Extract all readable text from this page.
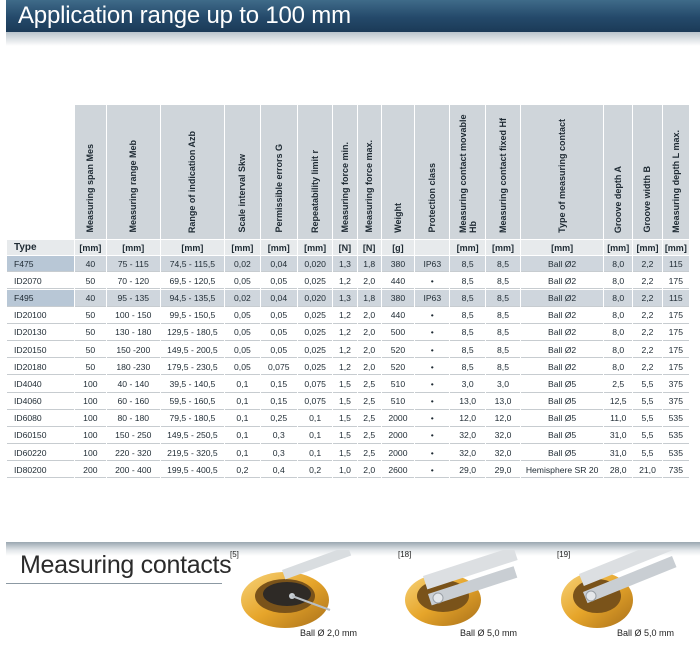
Application range up to 100 mm
	Measuring span Mes	Measuring range Meb	Range of indication Azb	Scale interval Skw	Permissible errors G	Repeatability limit r	Measuring force min.	Measuring force max.	Weight	Protection class	Measuring contact movable Hb	Measuring contact fixed Hf	Type of measuring contact	Groove depth A	Groove width B	Measuring depth L max.
Type	[mm]	[mm]	[mm]	[mm]	[mm]	[mm]	[N]	[N]	[g]		[mm]	[mm]	[mm]	[mm]	[mm]	[mm]
F475	40	75 - 115	74,5 - 115,5	0,02	0,04	0,020	1,3	1,8	380	IP63	8,5	8,5	Ball Ø2	8,0	2,2	115
ID2070	50	70 - 120	69,5 - 120,5	0,05	0,05	0,025	1,2	2,0	440	•	8,5	8,5	Ball Ø2	8,0	2,2	175
F495	40	95 - 135	94,5 - 135,5	0,02	0,04	0,020	1,3	1,8	380	IP63	8,5	8,5	Ball Ø2	8,0	2,2	115
ID20100	50	100 - 150	99,5 - 150,5	0,05	0,05	0,025	1,2	2,0	440	•	8,5	8,5	Ball Ø2	8,0	2,2	175
ID20130	50	130 - 180	129,5 - 180,5	0,05	0,05	0,025	1,2	2,0	500	•	8,5	8,5	Ball Ø2	8,0	2,2	175
ID20150	50	150 -200	149,5 - 200,5	0,05	0,05	0,025	1,2	2,0	520	•	8,5	8,5	Ball Ø2	8,0	2,2	175
ID20180	50	180 -230	179,5 - 230,5	0,05	0,075	0,025	1,2	2,0	520	•	8,5	8,5	Ball Ø2	8,0	2,2	175
ID4040	100	40 - 140	39,5 - 140,5	0,1	0,15	0,075	1,5	2,5	510	•	3,0	3,0	Ball Ø5	2,5	5,5	375
ID4060	100	60 - 160	59,5 - 160,5	0,1	0,15	0,075	1,5	2,5	510	•	13,0	13,0	Ball Ø5	12,5	5,5	375
ID6080	100	80 - 180	79,5 - 180,5	0,1	0,25	0,1	1,5	2,5	2000	•	12,0	12,0	Ball Ø5	11,0	5,5	535
ID60150	100	150 - 250	149,5 - 250,5	0,1	0,3	0,1	1,5	2,5	2000	•	32,0	32,0	Ball Ø5	31,0	5,5	535
ID60220	100	220 - 320	219,5 - 320,5	0,1	0,3	0,1	1,5	2,5	2000	•	32,0	32,0	Ball Ø5	31,0	5,5	535
ID80200	200	200 - 400	199,5 - 400,5	0,2	0,4	0,2	1,0	2,0	2600	•	29,0	29,0	Hemisphere SR 20	28,0	21,0	735
Measuring contacts
[5]
Ball Ø 2,0 mm
[18]
Ball Ø 5,0 mm
[19]
Ball Ø 5,0 mm
